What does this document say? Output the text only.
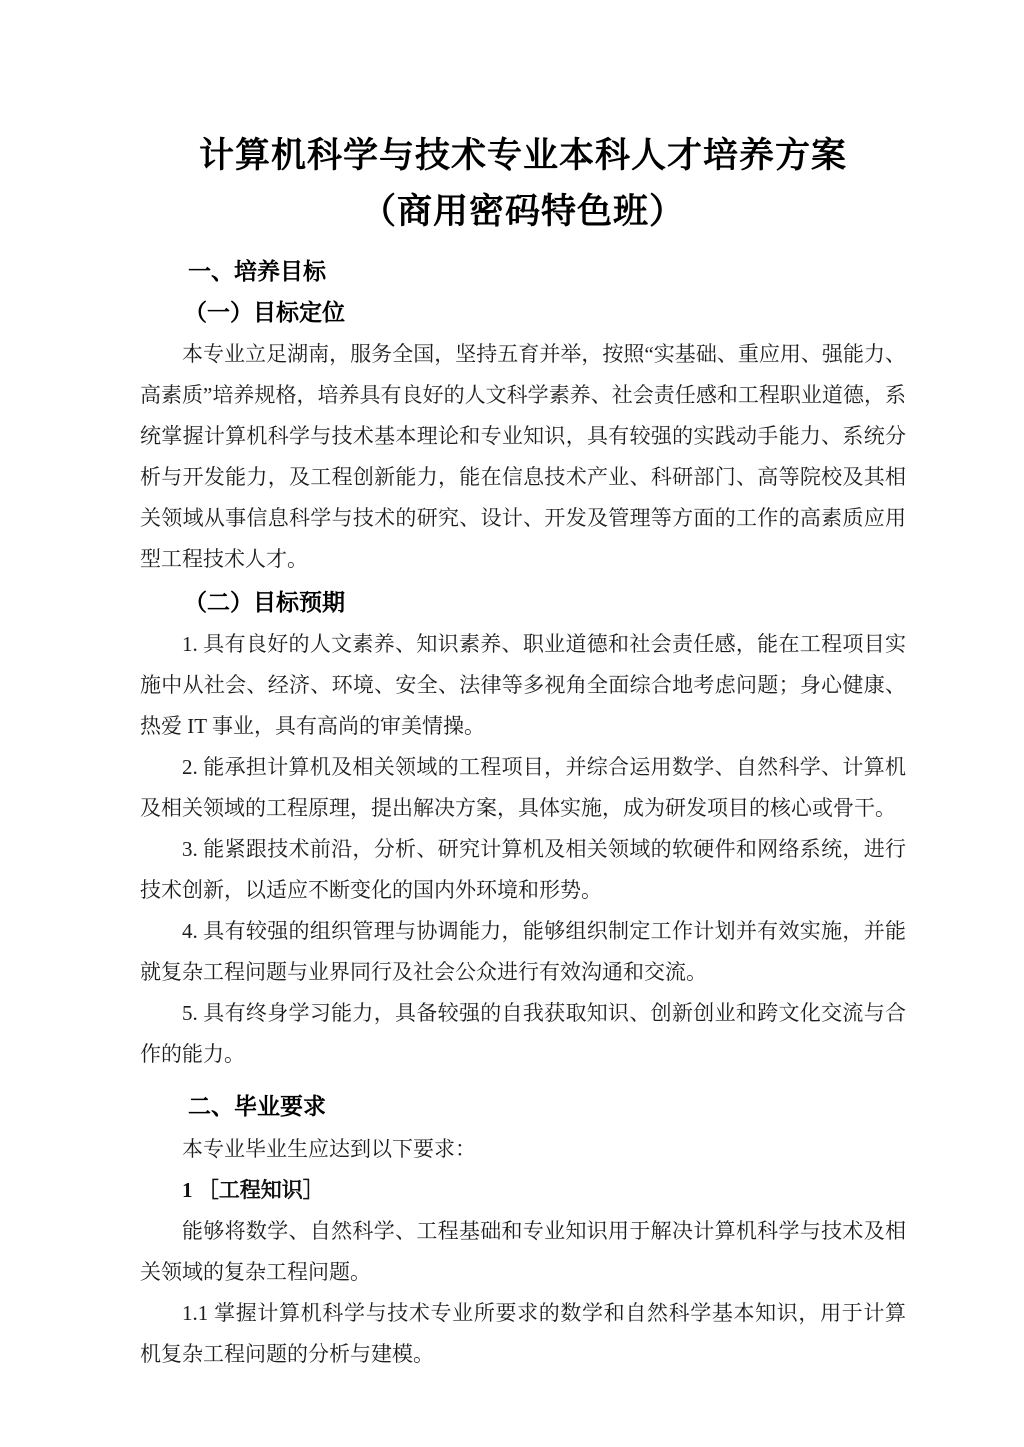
计算机科学与技术专业本科人才培养方案
（商用密码特色班）
一、培养目标
（一）目标定位

本专业立足湖南，服务全国，坚持五育并举，按照“实基础、重应用、强能力、高素质”培养规格，培养具有良好的人文科学素养、社会责任感和工程职业道德，系统掌握计算机科学与技术基本理论和专业知识，具有较强的实践动手能力、系统分析与开发能力，及工程创新能力，能在信息技术产业、科研部门、高等院校及其相关领域从事信息科学与技术的研究、设计、开发及管理等方面的工作的高素质应用型工程技术人才。

（二）目标预期

1. 具有良好的人文素养、知识素养、职业道德和社会责任感，能在工程项目实施中从社会、经济、环境、安全、法律等多视角全面综合地考虑问题；身心健康、热爱 IT 事业，具有高尚的审美情操。

2. 能承担计算机及相关领域的工程项目，并综合运用数学、自然科学、计算机及相关领域的工程原理，提出解决方案，具体实施，成为研发项目的核心或骨干。

3. 能紧跟技术前沿，分析、研究计算机及相关领域的软硬件和网络系统，进行技术创新，以适应不断变化的国内外环境和形势。

4. 具有较强的组织管理与协调能力，能够组织制定工作计划并有效实施，并能就复杂工程问题与业界同行及社会公众进行有效沟通和交流。

5. 具有终身学习能力，具备较强的自我获取知识、创新创业和跨文化交流与合作的能力。

二、毕业要求

本专业毕业生应达到以下要求：

1 ［工程知识］

能够将数学、自然科学、工程基础和专业知识用于解决计算机科学与技术及相关领域的复杂工程问题。

1.1 掌握计算机科学与技术专业所要求的数学和自然科学基本知识，用于计算机复杂工程问题的分析与建模。
